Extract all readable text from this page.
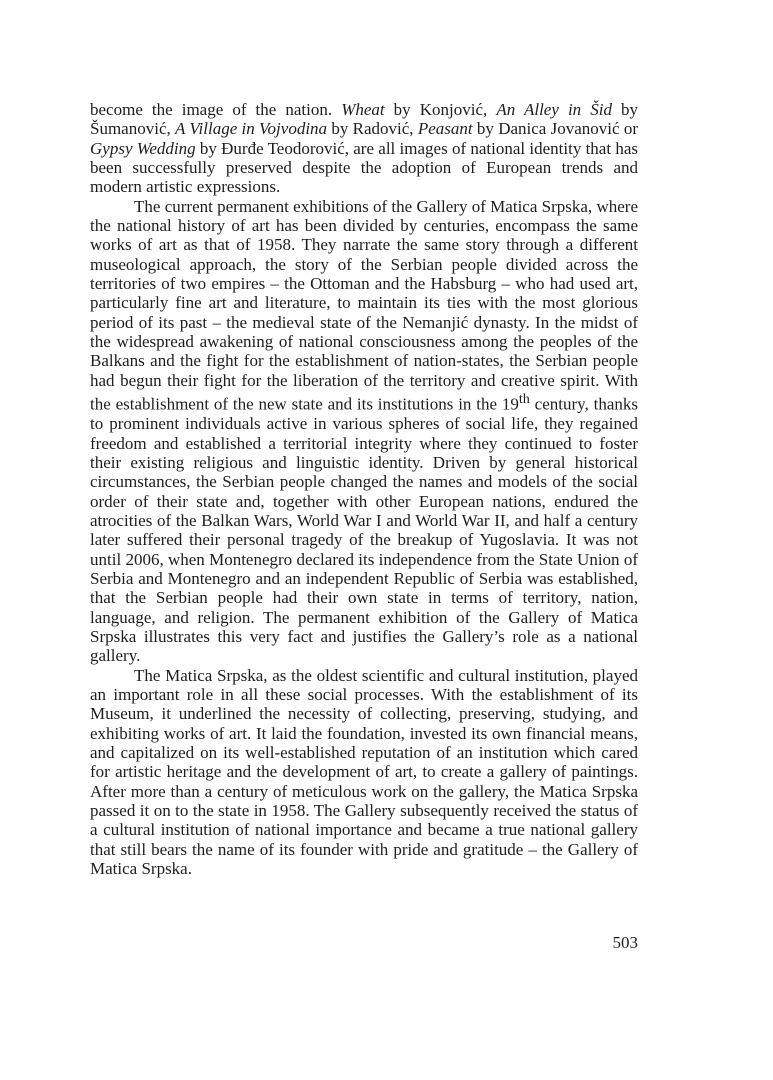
become the image of the nation. Wheat by Konjović, An Alley in Šid by Šumanović, A Village in Vojvodina by Radović, Peasant by Danica Jovanović or Gypsy Wedding by Đurđe Teodorović, are all images of national identity that has been successfully preserved despite the adoption of European trends and modern artistic expressions.

The current permanent exhibitions of the Gallery of Matica Srpska, where the national history of art has been divided by centuries, encompass the same works of art as that of 1958. They narrate the same story through a different museological approach, the story of the Serbian people divided across the territories of two empires – the Ottoman and the Habsburg – who had used art, particularly fine art and literature, to maintain its ties with the most glorious period of its past – the medieval state of the Nemanjić dynasty. In the midst of the widespread awakening of national consciousness among the peoples of the Balkans and the fight for the establishment of nation-states, the Serbian people had begun their fight for the liberation of the territory and creative spirit. With the establishment of the new state and its institutions in the 19th century, thanks to prominent individuals active in various spheres of social life, they regained freedom and established a territorial integrity where they continued to foster their existing religious and linguistic identity. Driven by general historical circumstances, the Serbian people changed the names and models of the social order of their state and, together with other European nations, endured the atrocities of the Balkan Wars, World War I and World War II, and half a century later suffered their personal tragedy of the breakup of Yugoslavia. It was not until 2006, when Montenegro declared its independence from the State Union of Serbia and Montenegro and an independent Republic of Serbia was established, that the Serbian people had their own state in terms of territory, nation, language, and religion. The permanent exhibition of the Gallery of Matica Srpska illustrates this very fact and justifies the Gallery’s role as a national gallery.

The Matica Srpska, as the oldest scientific and cultural institution, played an important role in all these social processes. With the establishment of its Museum, it underlined the necessity of collecting, preserving, studying, and exhibiting works of art. It laid the foundation, invested its own financial means, and capitalized on its well-established reputation of an institution which cared for artistic heritage and the development of art, to create a gallery of paintings. After more than a century of meticulous work on the gallery, the Matica Srpska passed it on to the state in 1958. The Gallery subsequently received the status of a cultural institution of national importance and became a true national gallery that still bears the name of its founder with pride and gratitude – the Gallery of Matica Srpska.

503
